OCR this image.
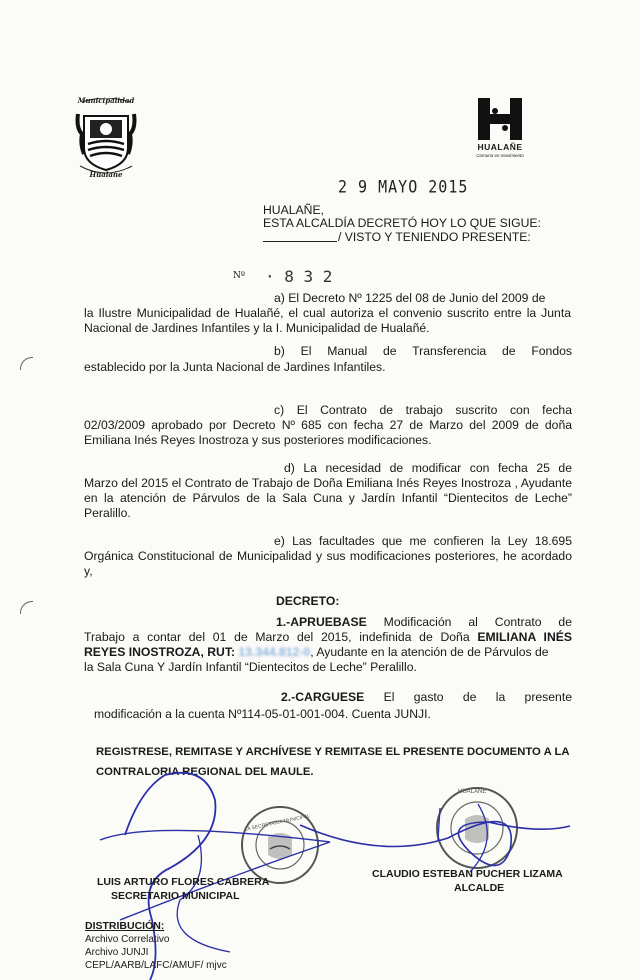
Municipalidad
Hualañe
HUALAÑE
Comuna en movimiento
2 9 MAYO 2015
HUALAÑE,
ESTA ALCALDÍA DECRETÓ HOY LO QUE SIGUE:
/ VISTO Y TENIENDO PRESENTE:
Nº · 8 3 2
a) El Decreto Nº 1225 del 08 de Junio del 2009 de
la Ilustre Municipalidad de Hualañé, el cual autoriza el convenio suscrito entre la Junta Nacional de Jardines Infantiles y la I. Municipalidad de Hualañé.
b) El Manual de Transferencia de Fondos
establecido por la Junta Nacional de Jardines Infantiles.
c) El Contrato de trabajo suscrito con fecha
02/03/2009 aprobado por Decreto Nº 685 con fecha 27 de Marzo del 2009 de doña Emiliana Inés Reyes Inostroza y sus posteriores modificaciones.
d) La necesidad de modificar con fecha 25 de
Marzo del 2015 el Contrato de Trabajo de Doña Emiliana Inés Reyes Inostroza , Ayudante en la atención de Párvulos de la Sala Cuna y Jardín Infantil “Dientecitos de Leche” Peralillo.
e) Las facultades que me confieren la Ley 18.695
Orgánica Constitucional de Municipalidad y sus modificaciones posteriores, he acordado y,
DECRETO:
1.-APRUEBASE Modificación al Contrato de
Trabajo a contar del 01 de Marzo del 2015, indefinida de Doña EMILIANA INÉS
REYES INOSTROZA, RUT: 13.344.812-0, Ayudante en la atención de de Párvulos de
la Sala Cuna Y Jardín Infantil “Dientecitos de Leche” Peralillo.
2.-CARGUESE El gasto de la presente
modificación a la cuenta Nº114-05-01-001-004. Cuenta JUNJI.
REGISTRESE, REMITASE Y ARCHÍVESE Y REMITASE EL PRESENTE DOCUMENTO A LA
CONTRALORIA REGIONAL DEL MAULE.
LA SECRETARIA MUNICIPAL
HUALAÑE
LUIS ARTURO FLORES CABRERA
SECRETARIO MUNICIPAL
CLAUDIO ESTEBAN PUCHER LIZAMA
ALCALDE
DISTRIBUCIÓN:
Archivo Correlativo
Archivo JUNJI
CEPL/AARB/LAFC/AMUF/ mjvc
